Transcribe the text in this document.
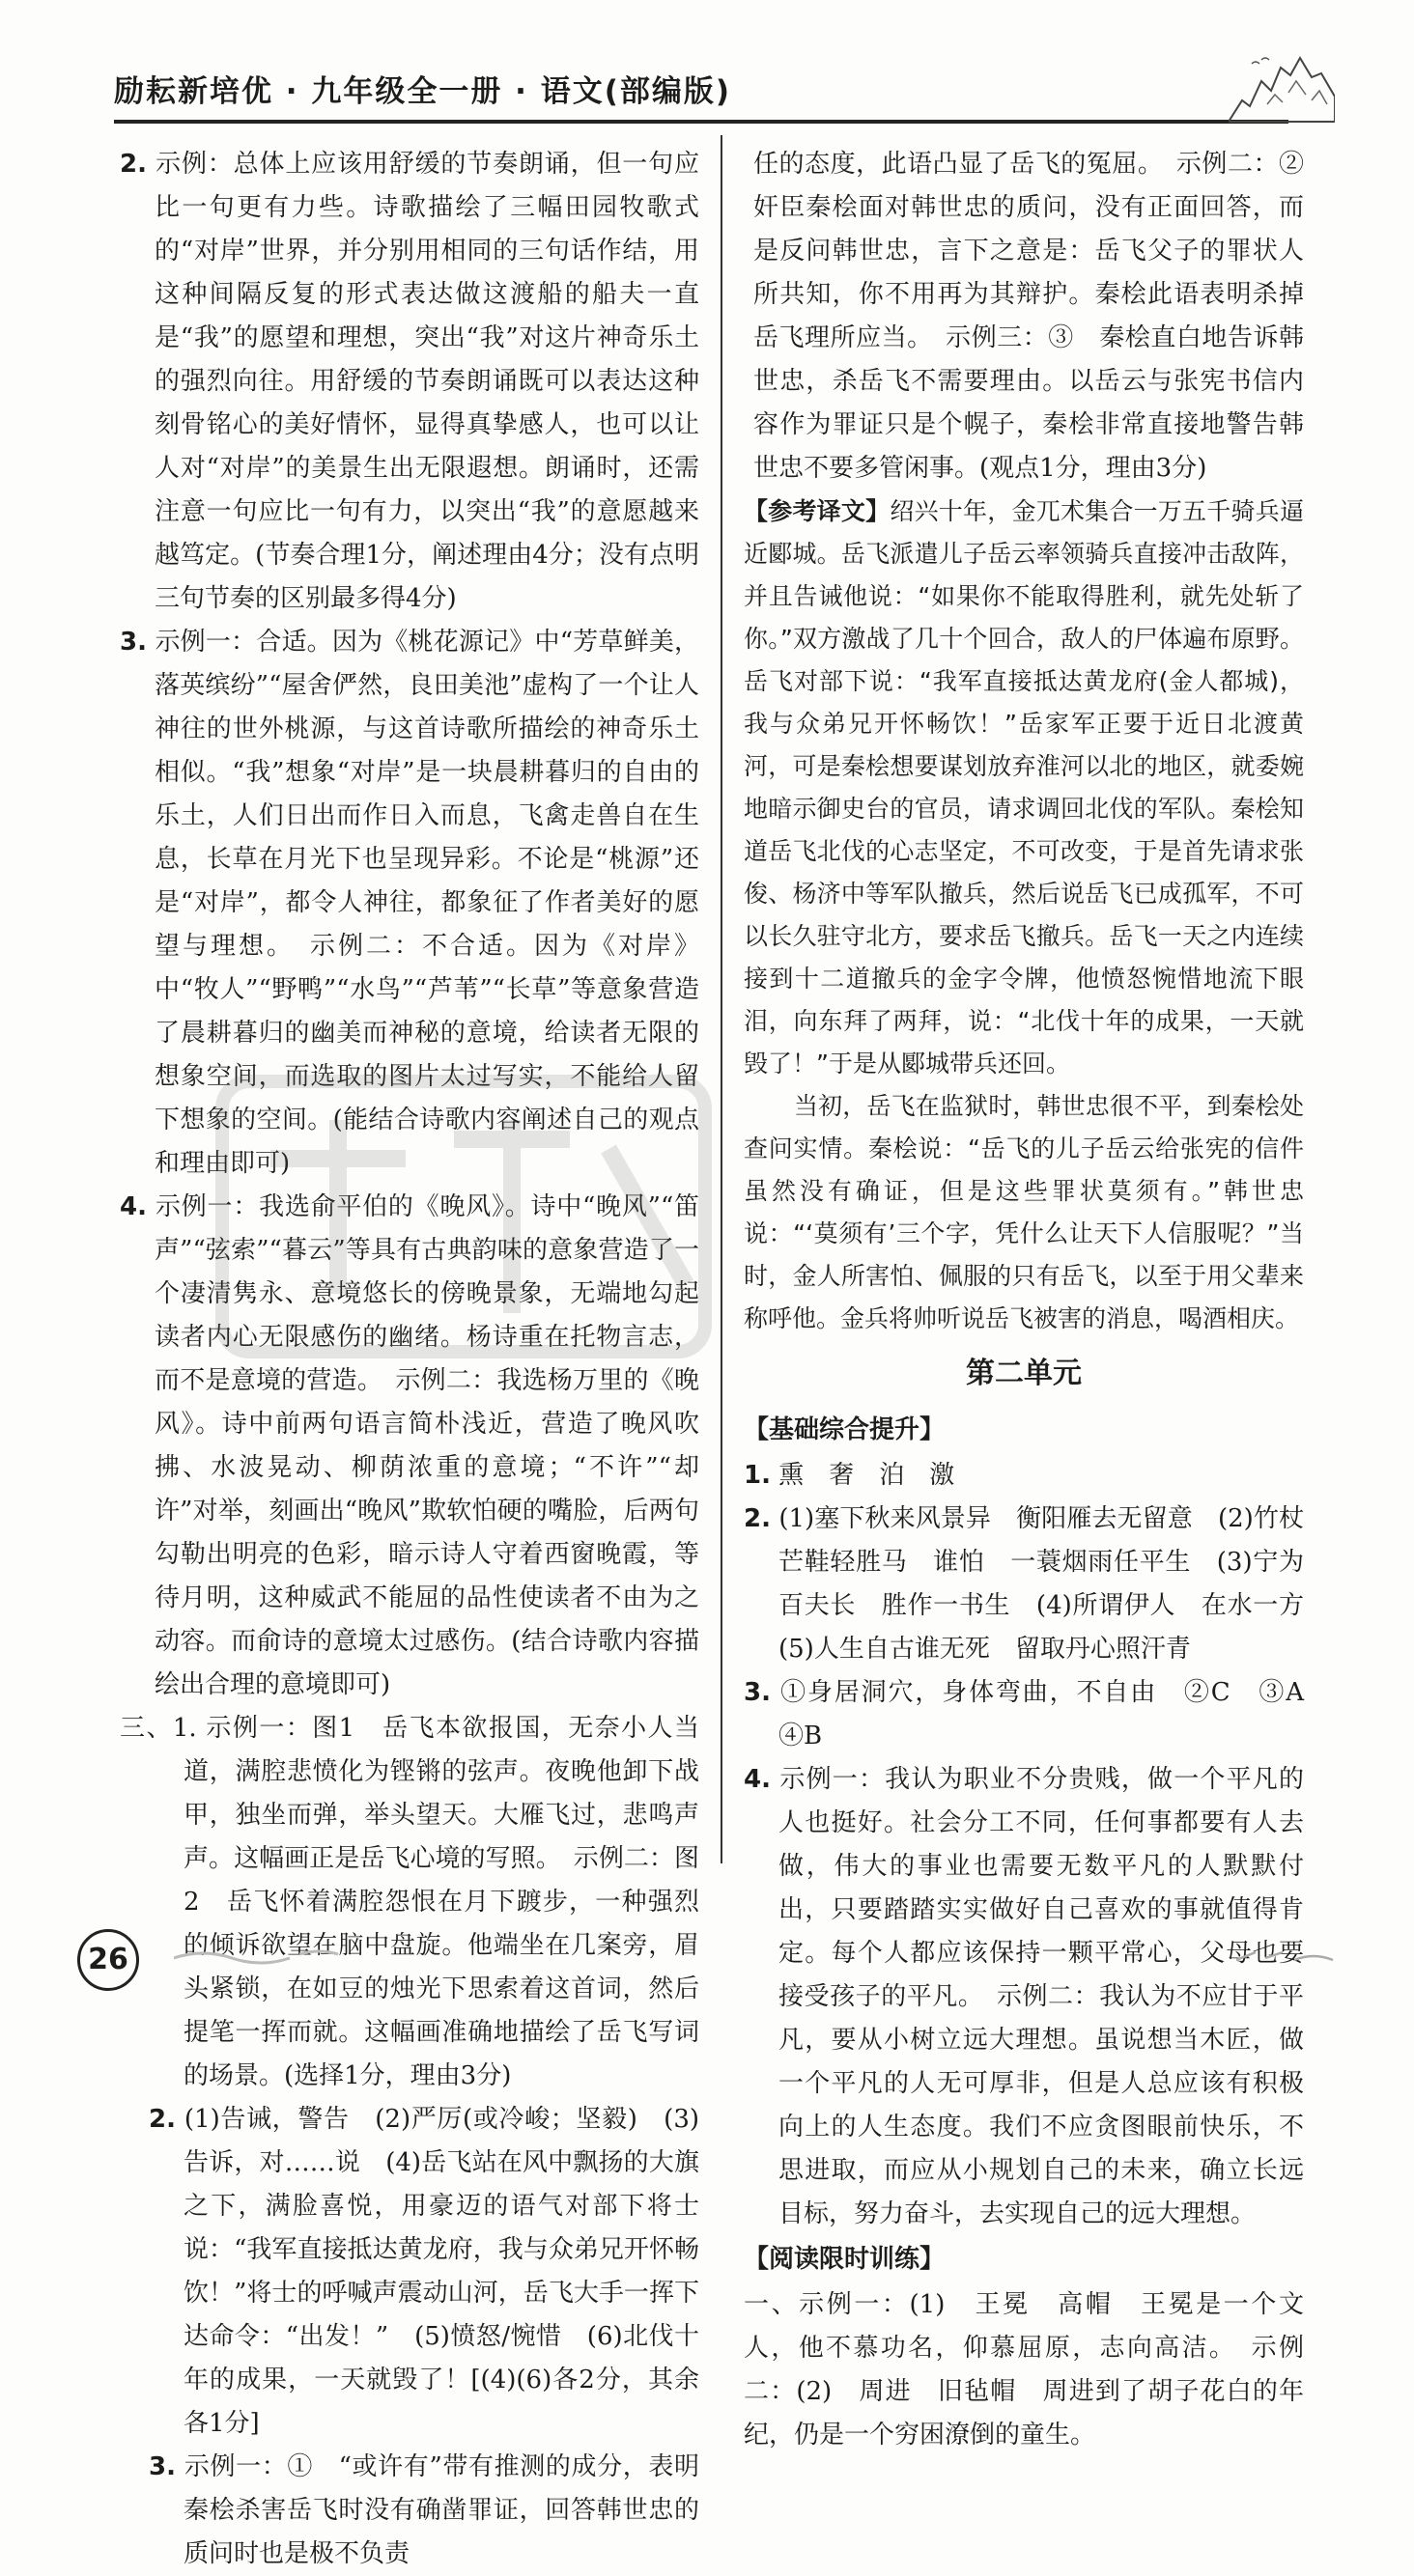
励耘新培优 · 九年级全一册 · 语文(部编版)

2. 示例：总体上应该用舒缓的节奏朗诵，但一句应比一句更有力些。诗歌描绘了三幅田园牧歌式的“对岸”世界，并分别用相同的三句话作结，用这种间隔反复的形式表达做这渡船的船夫一直是“我”的愿望和理想，突出“我”对这片神奇乐土的强烈向往。用舒缓的节奏朗诵既可以表达这种刻骨铭心的美好情怀，显得真挚感人，也可以让人对“对岸”的美景生出无限遐想。朗诵时，还需注意一句应比一句有力，以突出“我”的意愿越来越笃定。(节奏合理1分，阐述理由4分；没有点明三句节奏的区别最多得4分)

3. 示例一：合适。因为《桃花源记》中“芳草鲜美，落英缤纷”“屋舍俨然，良田美池”虚构了一个让人神往的世外桃源，与这首诗歌所描绘的神奇乐土相似。“我”想象“对岸”是一块晨耕暮归的自由的乐土，人们日出而作日入而息，飞禽走兽自在生息，长草在月光下也呈现异彩。不论是“桃源”还是“对岸”，都令人神往，都象征了作者美好的愿望与理想。　示例二：不合适。因为《对岸》中“牧人”“野鸭”“水鸟”“芦苇”“长草”等意象营造了晨耕暮归的幽美而神秘的意境，给读者无限的想象空间，而选取的图片太过写实，不能给人留下想象的空间。(能结合诗歌内容阐述自己的观点和理由即可)

4. 示例一：我选俞平伯的《晚风》。诗中“晚风”“笛声”“弦索”“暮云”等具有古典韵味的意象营造了一个凄清隽永、意境悠长的傍晚景象，无端地勾起读者内心无限感伤的幽绪。杨诗重在托物言志，而不是意境的营造。　示例二：我选杨万里的《晚风》。诗中前两句语言简朴浅近，营造了晚风吹拂、水波晃动、柳荫浓重的意境；“不许”“却许”对举，刻画出“晚风”欺软怕硬的嘴脸，后两句勾勒出明亮的色彩，暗示诗人守着西窗晚霞，等待月明，这种威武不能屈的品性使读者不由为之动容。而俞诗的意境太过感伤。(结合诗歌内容描绘出合理的意境即可)

三、1. 示例一：图1　岳飞本欲报国，无奈小人当道，满腔悲愤化为铿锵的弦声。夜晚他卸下战甲，独坐而弹，举头望天。大雁飞过，悲鸣声声。这幅画正是岳飞心境的写照。　示例二：图2　岳飞怀着满腔怨恨在月下踱步，一种强烈的倾诉欲望在脑中盘旋。他端坐在几案旁，眉头紧锁，在如豆的烛光下思索着这首词，然后提笔一挥而就。这幅画准确地描绘了岳飞写词的场景。(选择1分，理由3分)

2. (1)告诫，警告　(2)严厉(或冷峻；坚毅)　(3)告诉，对……说　(4)岳飞站在风中飘扬的大旗之下，满脸喜悦，用豪迈的语气对部下将士说：“我军直接抵达黄龙府，我与众弟兄开怀畅饮！”将士的呼喊声震动山河，岳飞大手一挥下达命令：“出发！”　(5)愤怒/惋惜　(6)北伐十年的成果，一天就毁了！[(4)(6)各2分，其余各1分]

3. 示例一：①　“或许有”带有推测的成分，表明秦桧杀害岳飞时没有确凿罪证，回答韩世忠的质问时也是极不负责

任的态度，此语凸显了岳飞的冤屈。　示例二：②　奸臣秦桧面对韩世忠的质问，没有正面回答，而是反问韩世忠，言下之意是：岳飞父子的罪状人所共知，你不用再为其辩护。秦桧此语表明杀掉岳飞理所应当。　示例三：③　秦桧直白地告诉韩世忠，杀岳飞不需要理由。以岳云与张宪书信内容作为罪证只是个幌子，秦桧非常直接地警告韩世忠不要多管闲事。(观点1分，理由3分)

【参考译文】绍兴十年，金兀术集合一万五千骑兵逼近郾城。岳飞派遣儿子岳云率领骑兵直接冲击敌阵，并且告诫他说：“如果你不能取得胜利，就先处斩了你。”双方激战了几十个回合，敌人的尸体遍布原野。岳飞对部下说：“我军直接抵达黄龙府(金人都城)，我与众弟兄开怀畅饮！”岳家军正要于近日北渡黄河，可是秦桧想要谋划放弃淮河以北的地区，就委婉地暗示御史台的官员，请求调回北伐的军队。秦桧知道岳飞北伐的心志坚定，不可改变，于是首先请求张俊、杨济中等军队撤兵，然后说岳飞已成孤军，不可以长久驻守北方，要求岳飞撤兵。岳飞一天之内连续接到十二道撤兵的金字令牌，他愤怒惋惜地流下眼泪，向东拜了两拜，说：“北伐十年的成果，一天就毁了！”于是从郾城带兵还回。

当初，岳飞在监狱时，韩世忠很不平，到秦桧处查问实情。秦桧说：“岳飞的儿子岳云给张宪的信件虽然没有确证，但是这些罪状莫须有。”韩世忠说：“‘莫须有’三个字，凭什么让天下人信服呢？”当时，金人所害怕、佩服的只有岳飞，以至于用父辈来称呼他。金兵将帅听说岳飞被害的消息，喝酒相庆。

第二单元
【基础综合提升】

1. 熏　奢　泊　激

2. (1)塞下秋来风景异　衡阳雁去无留意　(2)竹杖芒鞋轻胜马　谁怕　一蓑烟雨任平生　(3)宁为百夫长　胜作一书生　(4)所谓伊人　在水一方　(5)人生自古谁无死　留取丹心照汗青

3. ①身居洞穴，身体弯曲，不自由　②C　③A　④B

4. 示例一：我认为职业不分贵贱，做一个平凡的人也挺好。社会分工不同，任何事都要有人去做，伟大的事业也需要无数平凡的人默默付出，只要踏踏实实做好自己喜欢的事就值得肯定。每个人都应该保持一颗平常心，父母也要接受孩子的平凡。　示例二：我认为不应甘于平凡，要从小树立远大理想。虽说想当木匠，做一个平凡的人无可厚非，但是人总应该有积极向上的人生态度。我们不应贪图眼前快乐，不思进取，而应从小规划自己的未来，确立长远目标，努力奋斗，去实现自己的远大理想。

【阅读限时训练】

一、示例一：(1)　王冕　高帽　王冕是一个文人，他不慕功名，仰慕屈原，志向高洁。　示例二：(2)　周进　旧毡帽　周进到了胡子花白的年纪，仍是一个穷困潦倒的童生。

26
